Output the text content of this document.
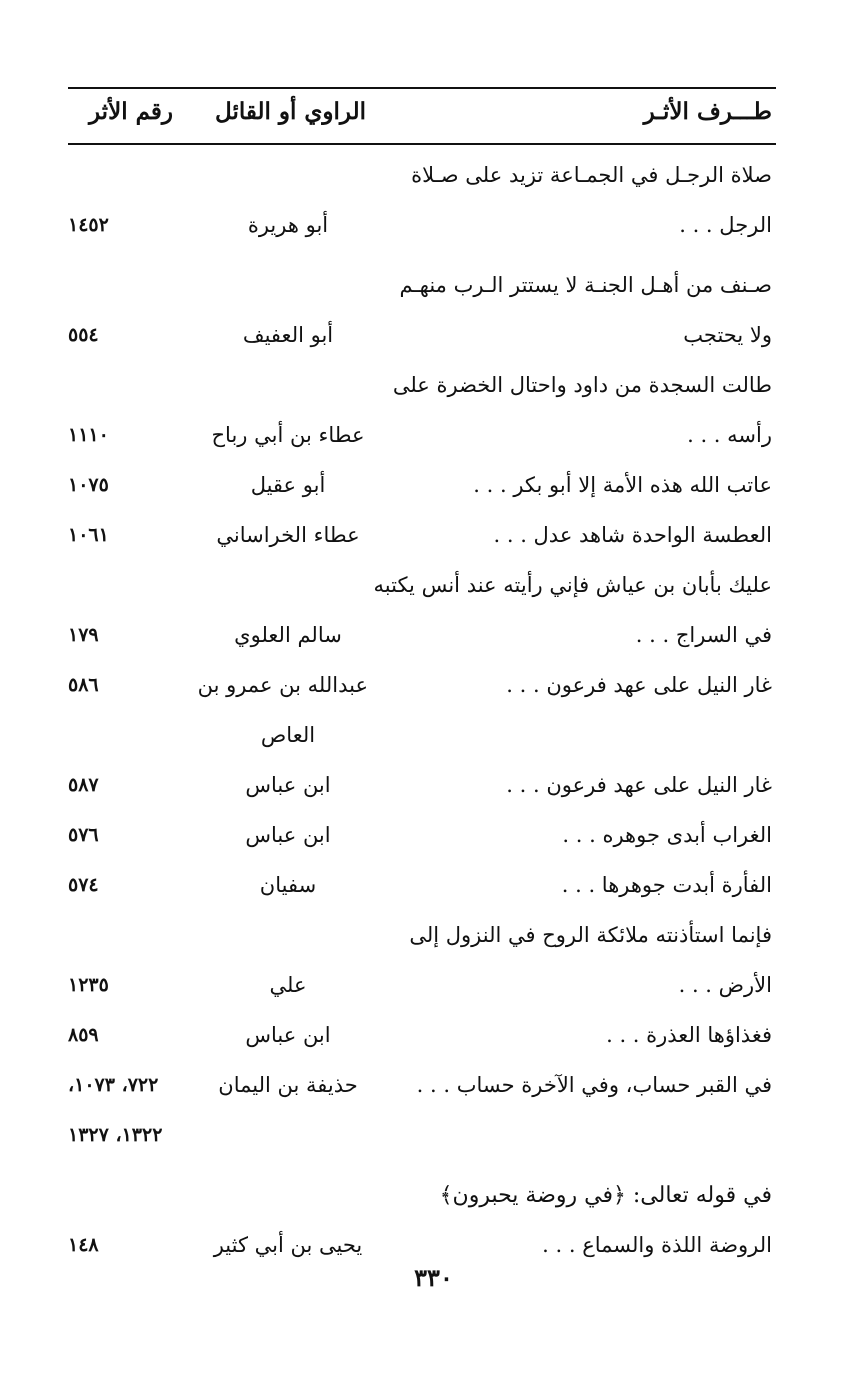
طـــرف الأثـر
الراوي أو القائل
رقم الأثر
صلاة الرجـل في الجمـاعة تزيد على صـلاة
الرجل . . .
أبو هريرة
١٤٥٢
صـنف من أهـل الجنـة لا يستتر الـرب منهـم
ولا يحتجب
أبو العفيف
٥٥٤
طالت السجدة من داود واحتال الخضرة على
رأسه . . .
عطاء بن أبي رباح
١١١٠
عاتب الله هذه الأمة إلا أبو بكر . . .
أبو عقيل
١٠٧٥
العطسة الواحدة شاهد عدل . . .
عطاء الخراساني
١٠٦١
عليك بأبان بن عياش فإني رأيته عند أنس يكتبه
في السراج . . .
سالم العلوي
١٧٩
غار النيل على عهد فرعون . . .
عبدالله بن عمرو بن
٥٨٦
العاص
غار النيل على عهد فرعون . . .
ابن عباس
٥٨٧
الغراب أبدى جوهره . . .
ابن عباس
٥٧٦
الفأرة أبدت جوهرها . . .
سفيان
٥٧٤
فإنما استأذنته ملائكة الروح في النزول إلى
الأرض . . .
علي
١٢٣٥
فغذاؤها العذرة . . .
ابن عباس
٨٥٩
في القبر حساب، وفي الآخرة حساب . . .
حذيفة بن اليمان
٧٢٢، ١٠٧٣،
١٣٢٢، ١٣٢٧
في قوله تعالى: ﴿في روضة يحبرون﴾
الروضة اللذة والسماع . . .
يحيى بن أبي كثير
١٤٨
٣٣٠
